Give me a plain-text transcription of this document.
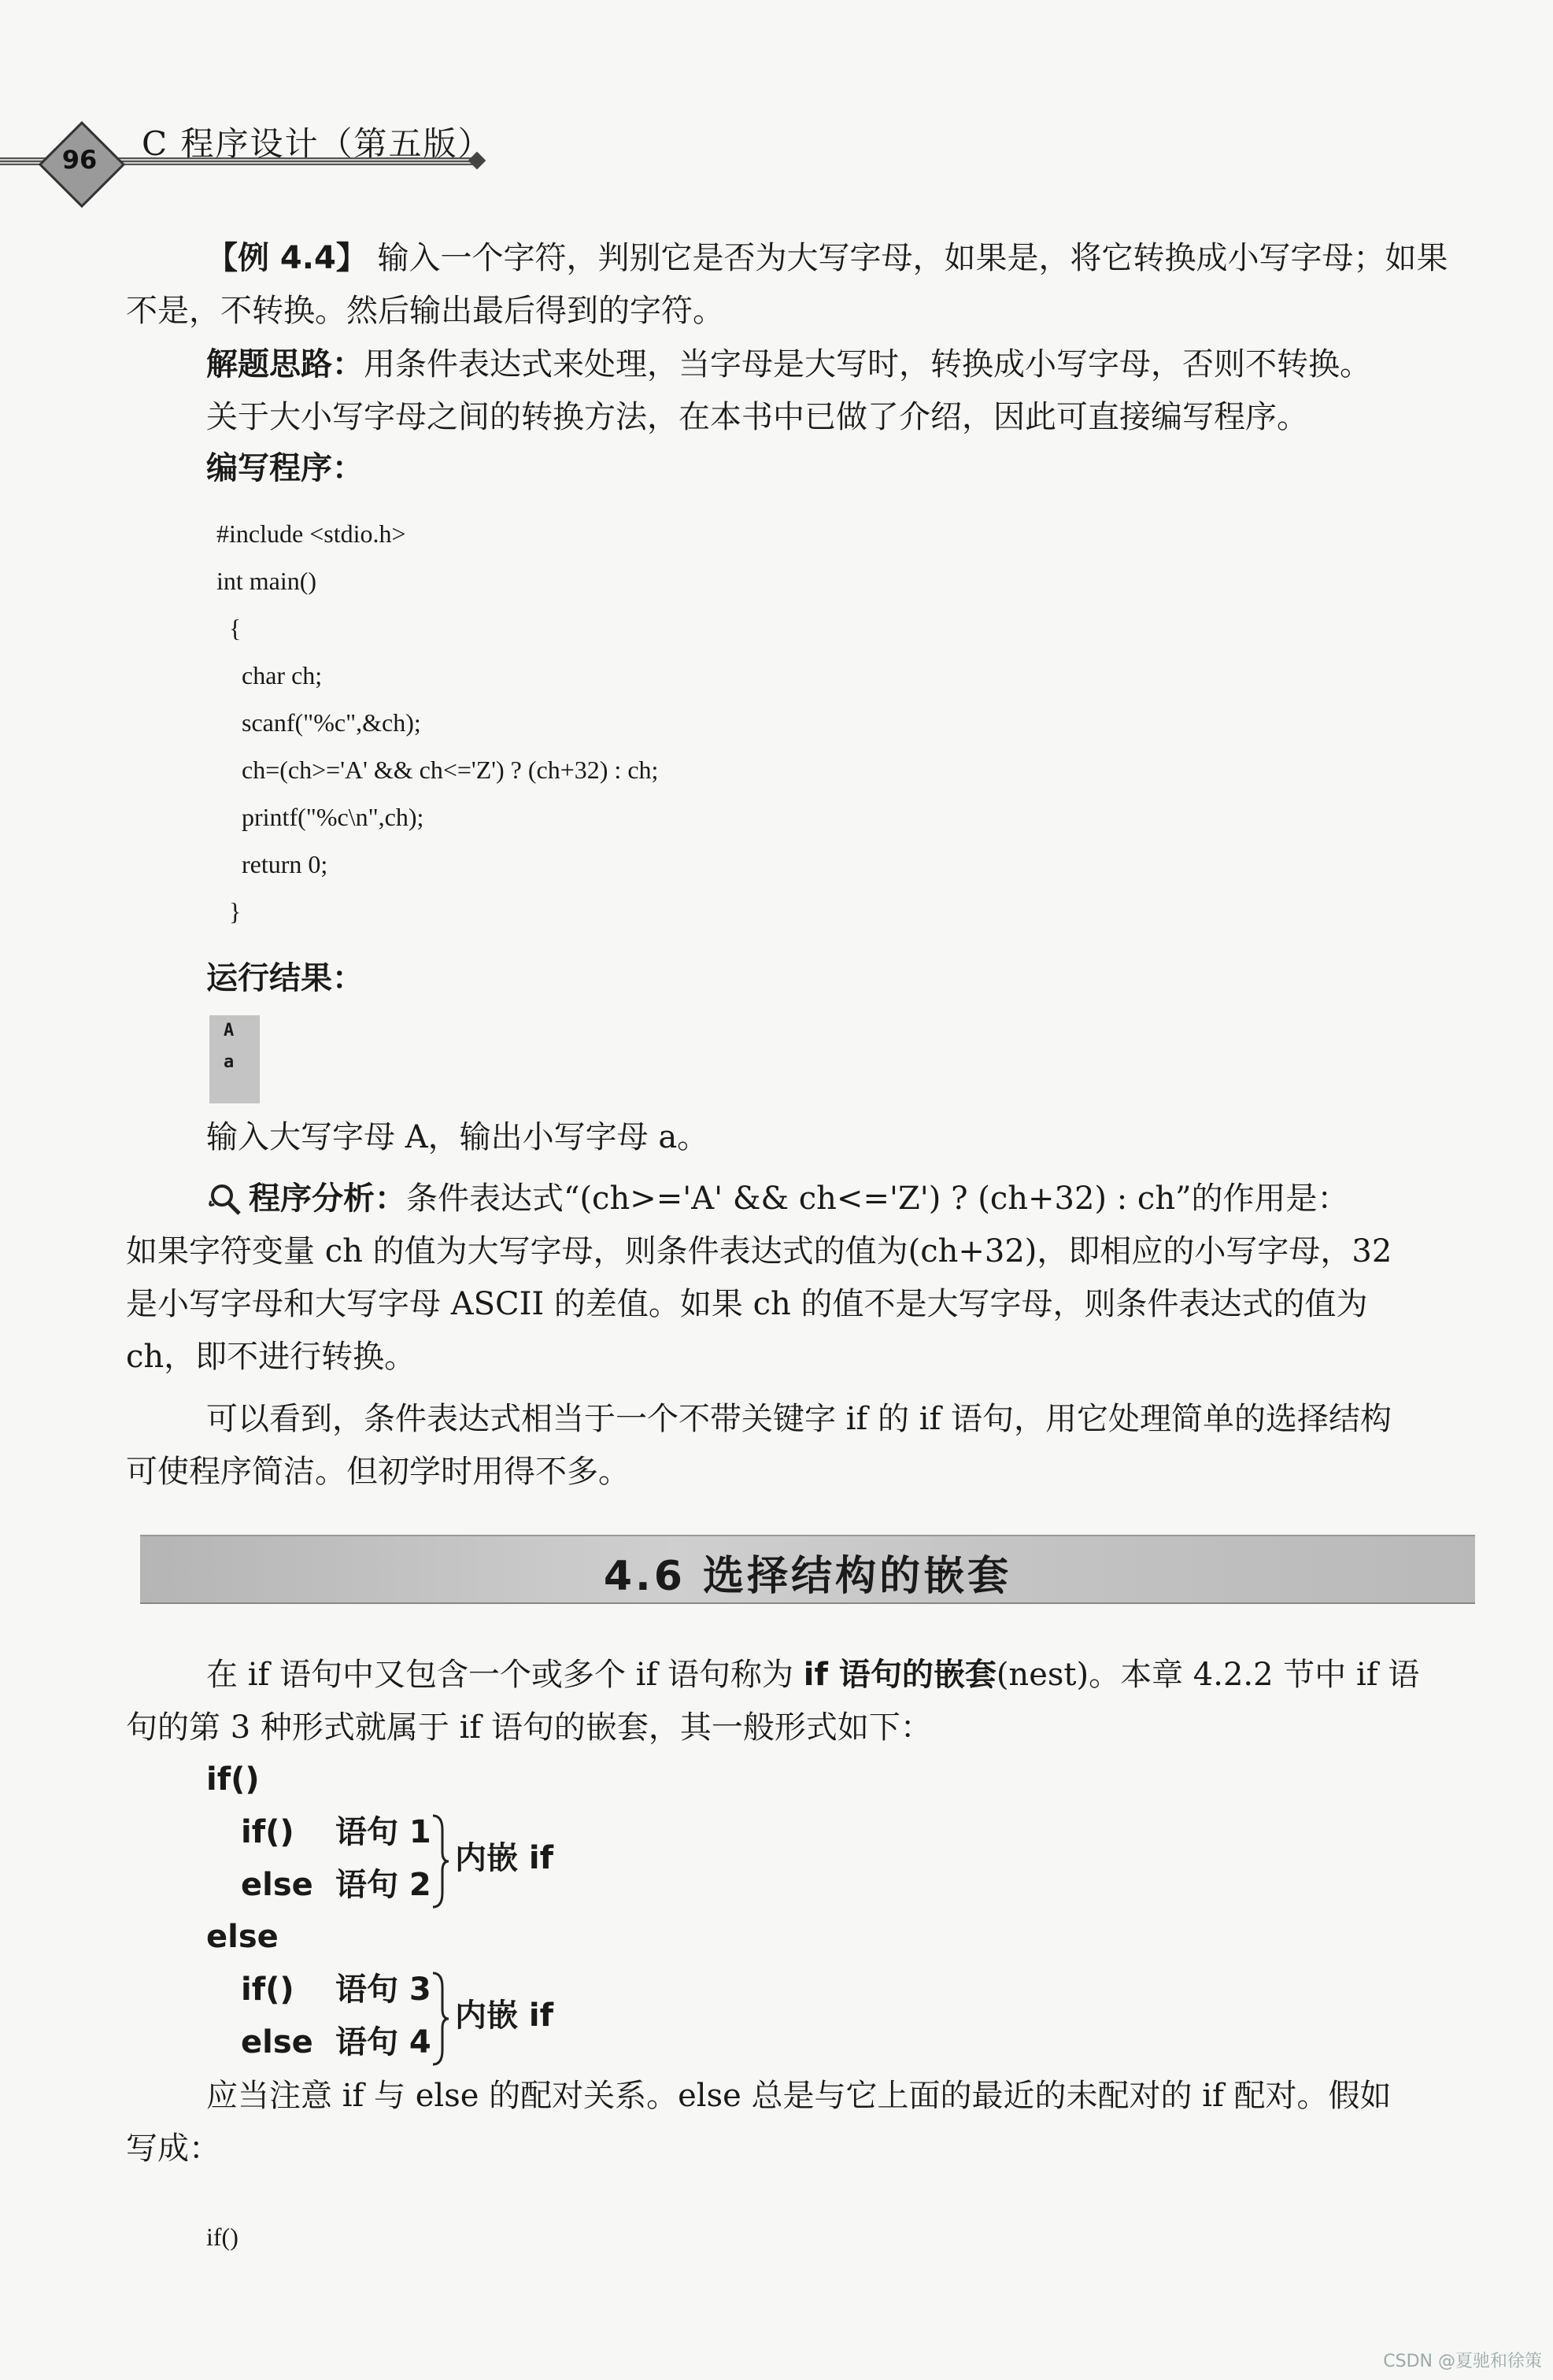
96	C 程序设计（第五版）

【例 4.4】 输入一个字符，判别它是否为大写字母，如果是，将它转换成小写字母；如果

不是，不转换。然后输出最后得到的字符。

解题思路：用条件表达式来处理，当字母是大写时，转换成小写字母，否则不转换。

关于大小写字母之间的转换方法，在本书中已做了介绍，因此可直接编写程序。

编写程序：

#include <stdio.h>
int main()
{
char ch;
scanf("%c",&ch);
ch=(ch>='A' && ch<='Z') ? (ch+32) : ch;
printf("%c\n",ch);
return 0;
}

运行结果：

A
a

输入大写字母 A，输出小写字母 a。

程序分析：条件表达式“(ch>='A' && ch<='Z') ? (ch+32) : ch”的作用是：

如果字符变量 ch 的值为大写字母，则条件表达式的值为(ch+32)，即相应的小写字母，32

是小写字母和大写字母 ASCII 的差值。如果 ch 的值不是大写字母，则条件表达式的值为

ch，即不进行转换。

可以看到，条件表达式相当于一个不带关键字 if 的 if 语句，用它处理简单的选择结构

可使程序简洁。但初学时用得不多。

4.6 选择结构的嵌套

在 if 语句中又包含一个或多个 if 语句称为 if 语句的嵌套(nest)。本章 4.2.2 节中 if 语

句的第 3 种形式就属于 if 语句的嵌套，其一般形式如下：

if()

if() 语句 1

else 语句 2

内嵌 if

else

if() 语句 3

else 语句 4

内嵌 if

应当注意 if 与 else 的配对关系。else 总是与它上面的最近的未配对的 if 配对。假如

写成：

if()

CSDN @夏驰和徐策
